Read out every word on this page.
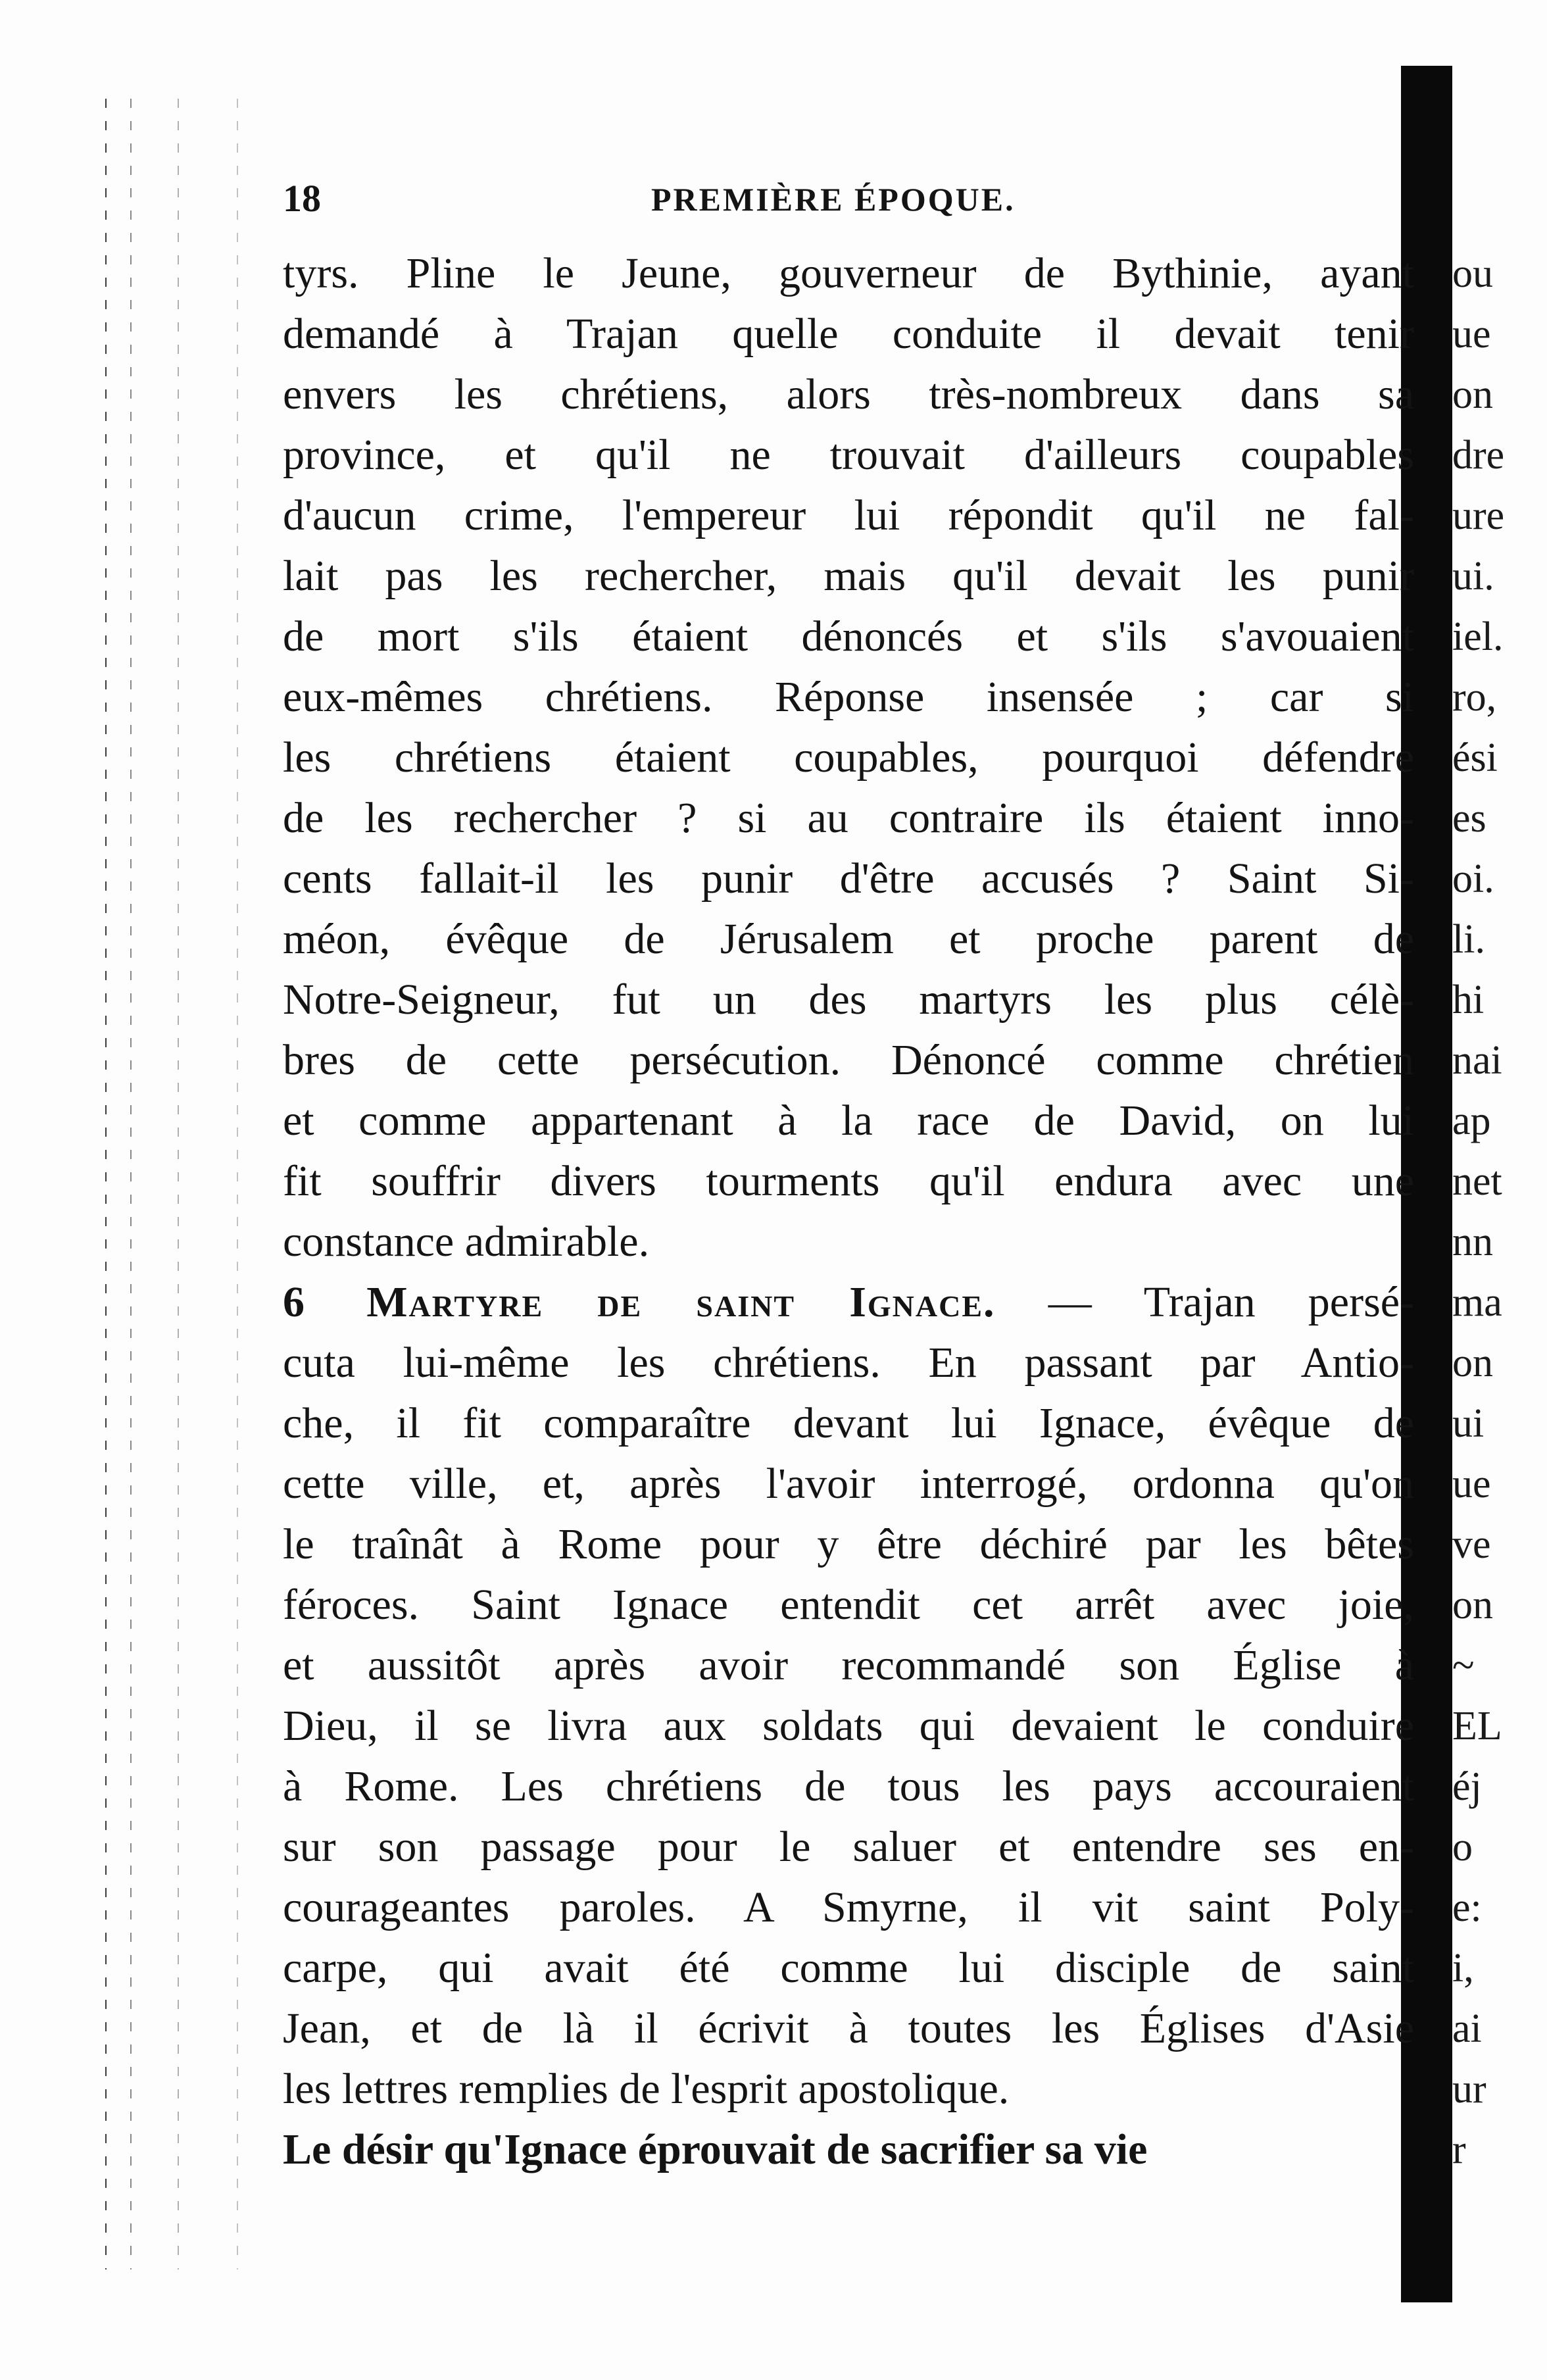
ou
ue
on
dre
ure
ui.
iel.
ro,
ési
es
oi.
li.
hi
nai
ap
net
nn
ma
on
ui
ue
ve
on
~
EL
éj
o
e:
i,
ai
ur
r
18	PREMIÈRE ÉPOQUE.
tyrs. Pline le Jeune, gouverneur de Bythinie, ayant
demandé à Trajan quelle conduite il devait tenir
envers les chrétiens, alors très-nombreux dans sa
province, et qu'il ne trouvait d'ailleurs coupables
d'aucun crime, l'empereur lui répondit qu'il ne fal-
lait pas les rechercher, mais qu'il devait les punir
de mort s'ils étaient dénoncés et s'ils s'avouaient
eux-mêmes chrétiens. Réponse insensée ; car si
les chrétiens étaient coupables, pourquoi défendre
de les rechercher ? si au contraire ils étaient inno-
cents fallait-il les punir d'être accusés ? Saint Si-
méon, évêque de Jérusalem et proche parent de
Notre-Seigneur, fut un des martyrs les plus célè-
bres de cette persécution. Dénoncé comme chrétien
et comme appartenant à la race de David, on lui
fit souffrir divers tourments qu'il endura avec une
constance admirable.
6 Martyre de saint Ignace. — Trajan persé-
cuta lui-même les chrétiens. En passant par Antio-
che, il fit comparaître devant lui Ignace, évêque de
cette ville, et, après l'avoir interrogé, ordonna qu'on
le traînât à Rome pour y être déchiré par les bêtes
féroces. Saint Ignace entendit cet arrêt avec joie,
et aussitôt après avoir recommandé son Église à
Dieu, il se livra aux soldats qui devaient le conduire
à Rome. Les chrétiens de tous les pays accouraient
sur son passage pour le saluer et entendre ses en-
courageantes paroles. A Smyrne, il vit saint Poly-
carpe, qui avait été comme lui disciple de saint
Jean, et de là il écrivit à toutes les Églises d'Asie
les lettres remplies de l'esprit apostolique.
Le désir qu'Ignace éprouvait de sacrifier sa vie
